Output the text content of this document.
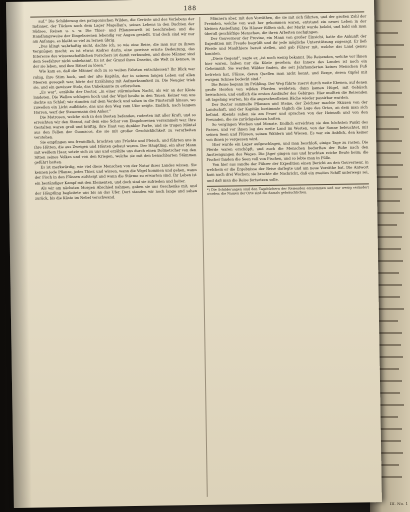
III. No. 1
188

auf.“ Die Schilderung des patagonischen Wilden, die Gerüste und des Vorlebens der Indianer, der Tücken nach dem Lager Magellan's, seines Lebens in den Buchten der Südsee, Reisen u. s. w. Die Thier- und Pflanzenwelt ist beschrieben und die Handlungsweise der Eingeborenen lebendig vor Augen gestellt. Und doch sind wir nur am Anfange, es bleibt so viel zu lernen übrig.

„Das klingt wahrhaftig nicht, dachte ich, so wie eine Reise, die man nur zu ihrem Vergnügen macht; es ist etwas Andres darin, eine gewisse ernste Bedeutung, das Interesse des wissenschaftlichen Forschers ist damit verbunden, und diese Männer sind dem Seefahrer nicht unbekannt. Es ist der Grund ihres Daseins, die Welt zu kennen, in der sie leben, und ihre Rätsel zu lösen.“

Wie kam es, daß die Männer sich zu so weiten Fahrten entschlossen? Ihr Blick war ruhig, ihre Stirn hoch, und der alte Kapitän, der in seinem langen Leben auf allen Meeren gesegelt war, hörte der Erzählung mit Aufmerksamkeit zu. Die Neugier trieb sie, und ein gewisser Stolz, das Unbekannte zu erforschen.

„Es war“, erzählte der Doctor, „in einer stürmischen Nacht, als wir an der Küste landeten. Die Wellen schlugen hoch und der Wind heulte in den Tauen. Keiner von uns dachte an Schlaf; wir standen auf dem Verdeck und sahen in die Finsterniß hinaus, wo zuweilen ein Licht aufblitzte, das uns den Weg zum Ufer zeigte. Endlich, nach langem Harren, warf der Steuermann den Anker.“

Die Matrosen, welche sich in den Booten befanden, ruderten mit aller Kraft, und so erreichten wir den Strand, auf dem eine Schar von Eingeborenen versammelt war. Ihre Gestalten waren groß und kräftig, ihre Haut von dunkler Farbe, und sie trugen Mäntel aus den Fellen der Guanacos, die sie mit großer Geschicklichkeit zu verarbeiten verstehen.

Sie empfingen uns freundlich, brachten uns Früchte und Fleisch, und führten uns in ihre Hütten, die aus Zweigen und Häuten gebaut waren. Der Häuptling, ein alter Mann mit weißem Haar, setzte sich zu uns und erzählte uns durch einen Dolmetscher von den Sitten seines Volkes und von den Kriegen, welche sie mit den benachbarten Stämmen geführt hatten.

Es ist merkwürdig, wie viel diese Menschen von der Natur ihres Landes wissen. Sie kennen jede Pflanze, jedes Thier, und wissen, wann die Vögel kommen und gehen, wann der Fisch in den Flüssen aufsteigt und wann die Stürme zu erwarten sind. Ihr Leben ist ein beständiger Kampf mit den Elementen, und doch sind sie zufrieden und heiter.

Als wir am nächsten Morgen Abschied nahmen, gaben sie uns Geschenke mit, und der Häuptling begleitete uns bis an das Ufer. Dort standen wir noch lange und sahen zurück, bis die Küste im Nebel verschwand.

Männern aber, mit den Vorräthen, die sie mit sich führten, und der großen Zahl der Fremden, welche von weit her gekommen waren, entstand ein neues Leben in der kleinen Ansiedlung. Die Häuser füllten sich, der Markt wurde belebt, und bald sah man überall geschäftige Menschen, die ihren Arbeiten nachgingen.

Der Gouverneur der Provinz, ein Mann von großer Einsicht, hatte die Ankunft der Expedition mit Freude begrüßt und ihr jede mögliche Unterstützung zugesagt. Er ließ Pferde und Maulthiere bereit stellen, und gab Führer mit, welche das Land genau kannten.

„Diese Gegend“, sagte er, „ist noch wenig bekannt. Die Reisenden, welche vor Ihnen hier waren, haben nur die Küste gesehen; das Innere des Landes ist noch ein Geheimniß. Sie werden Wälder finden, die seit Jahrhunderten keines Menschen Fuß betreten hat, Flüsse, deren Quellen man nicht kennt, und Berge, deren Gipfel mit ewigem Schnee bedeckt sind.“

Die Reise begann im Frühling. Der Weg führte zuerst durch weite Ebenen, auf denen große Herden von wilden Pferden weideten; dann kamen Hügel, mit Gebüsch bewachsen, und endlich die ersten Ausläufer des Gebirges. Hier mußten die Reisenden oft tagelang warten, bis die angeschwollenen Bäche wieder passirbar wurden.

Der Doctor sammelte Pflanzen und Steine, der Zeichner machte Skizzen von der Landschaft, und der Kapitän bestimmte täglich die Lage des Ortes, an dem man sich befand. Abends saßen sie am Feuer und sprachen von der Heimath und von den Freunden, die sie zurückgelassen hatten.

So vergingen Wochen und Monate. Endlich erreichten sie den höchsten Punkt des Passes, und vor ihnen lag das weite Land im Westen, von der Sonne beleuchtet, mit seinen Seen und Flüssen, seinen Wäldern und Wiesen. Es war ein Anblick, den keiner von ihnen je vergessen wird.

Hier wurde ein Lager aufgeschlagen, und man beschloß, einige Tage zu rasten. Die Pferde waren erschöpft, und auch die Menschen bedurften der Ruhe nach den Anstrengungen des Weges. Die Jäger gingen aus und brachten reiche Beute heim; die Fischer fanden die Seen voll von Fischen, und so lebte man in Fülle.

Von hier aus sandte der Führer der Expedition einen Bericht an den Gouverneur, in welchem er die Ergebnisse der Reise darlegte und um neue Vorräthe bat. Die Antwort kam nach drei Wochen; sie brachte die Nachricht, daß ein zweites Schiff unterwegs sei, und daß man die Reise fortsetzen solle.

*) Die Schilderungen sind den Tagebüchern der Reisenden entnommen und nur wenig verändert worden; die Namen der Orte sind die damals gebräuchlichen.
